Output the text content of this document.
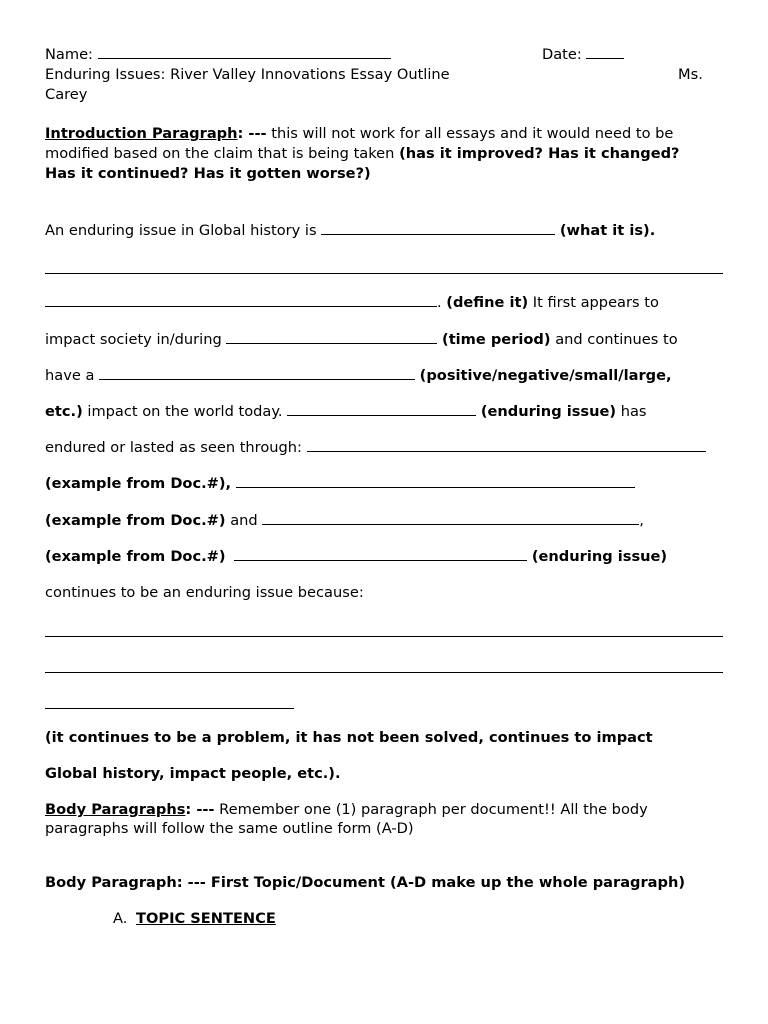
Name:	Date:
Enduring Issues: River Valley Innovations Essay Outline	Ms.
Carey
Introduction Paragraph: --- this will not work for all essays and it would need to be
modified based on the claim that is being taken (has it improved? Has it changed?
Has it continued? Has it gotten worse?)
An enduring issue in Global history is	(what it is).
. (define it) It first appears to
impact society in/during	(time period) and continues to
have a	(positive/negative/small/large,
etc.) impact on the world today.	(enduring issue) has
endured or lasted as seen through:
(example from Doc.#),
(example from Doc.#) and	,
(example from Doc.#)	(enduring issue)
continues to be an enduring issue because:
(it continues to be a problem, it has not been solved, continues to impact
Global history, impact people, etc.).
Body Paragraphs: --- Remember one (1) paragraph per document!! All the body
paragraphs will follow the same outline form (A-D)
Body Paragraph: --- First Topic/Document (A-D make up the whole paragraph)
A. TOPIC SENTENCE
